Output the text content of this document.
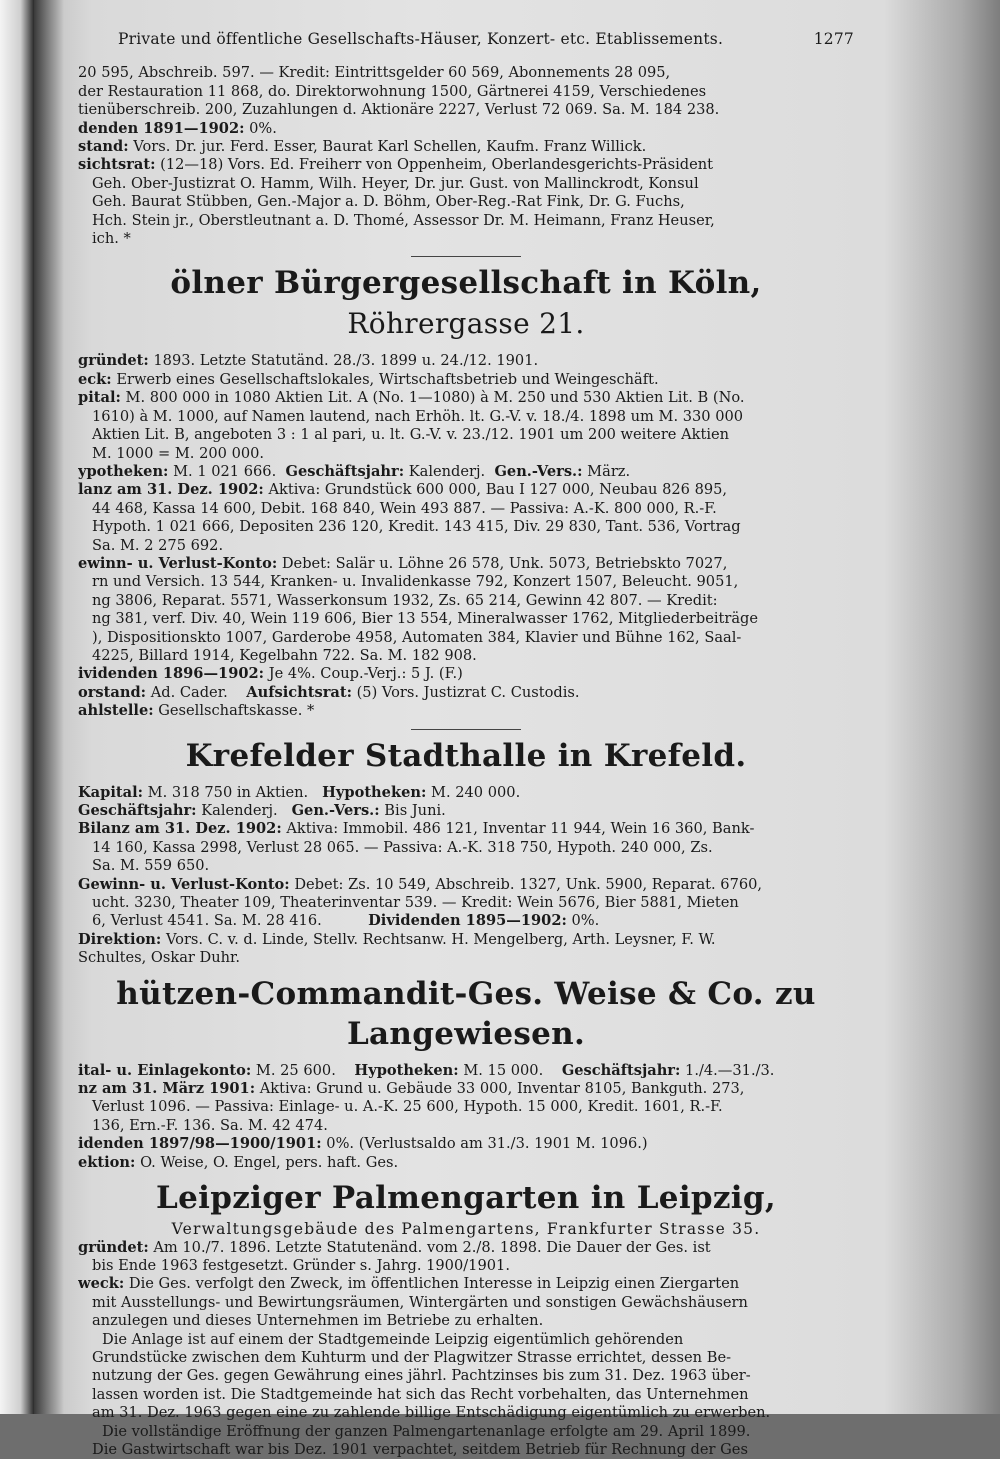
Private und öffentliche Gesellschafts-Häuser, Konzert- etc. Etablissements.	1277
20 595, Abschreib. 597. — Kredit: Eintrittsgelder 60 569, Abonnements 28 095,
der Restauration 11 868, do. Direktorwohnung 1500, Gärtnerei 4159, Verschiedenes
tienüberschreib. 200, Zuzahlungen d. Aktionäre 2227, Verlust 72 069. Sa. M. 184 238.
denden 1891—1902: 0%.
stand: Vors. Dr. jur. Ferd. Esser, Baurat Karl Schellen, Kaufm. Franz Willick.
sichtsrat: (12—18) Vors. Ed. Freiherr von Oppenheim, Oberlandesgerichts-Präsident
Geh. Ober-Justizrat O. Hamm, Wilh. Heyer, Dr. jur. Gust. von Mallinckrodt, Konsul
Geh. Baurat Stübben, Gen.-Major a. D. Böhm, Ober-Reg.-Rat Fink, Dr. G. Fuchs,
Hch. Stein jr., Oberstleutnant a. D. Thomé, Assessor Dr. M. Heimann, Franz Heuser,
ich. *
ölner Bürgergesellschaft in Köln, Röhrergasse 21.
gründet: 1893. Letzte Statutänd. 28./3. 1899 u. 24./12. 1901.
eck: Erwerb eines Gesellschaftslokales, Wirtschaftsbetrieb und Weingeschäft.
pital: M. 800 000 in 1080 Aktien Lit. A (No. 1—1080) à M. 250 und 530 Aktien Lit. B (No.
1610) à M. 1000, auf Namen lautend, nach Erhöh. lt. G.-V. v. 18./4. 1898 um M. 330 000
Aktien Lit. B, angeboten 3 : 1 al pari, u. lt. G.-V. v. 23./12. 1901 um 200 weitere Aktien
M. 1000 = M. 200 000.
ypotheken: M. 1 021 666. Geschäftsjahr: Kalenderj. Gen.-Vers.: März.
lanz am 31. Dez. 1902: Aktiva: Grundstück 600 000, Bau I 127 000, Neubau 826 895,
44 468, Kassa 14 600, Debit. 168 840, Wein 493 887. — Passiva: A.-K. 800 000, R.-F.
Hypoth. 1 021 666, Depositen 236 120, Kredit. 143 415, Div. 29 830, Tant. 536, Vortrag
Sa. M. 2 275 692.
ewinn- u. Verlust-Konto: Debet: Salär u. Löhne 26 578, Unk. 5073, Betriebskto 7027,
rn und Versich. 13 544, Kranken- u. Invalidenkasse 792, Konzert 1507, Beleucht. 9051,
ng 3806, Reparat. 5571, Wasserkonsum 1932, Zs. 65 214, Gewinn 42 807. — Kredit:
ng 381, verf. Div. 40, Wein 119 606, Bier 13 554, Mineralwasser 1762, Mitgliederbeiträge
), Dispositionskto 1007, Garderobe 4958, Automaten 384, Klavier und Bühne 162, Saal-
4225, Billard 1914, Kegelbahn 722. Sa. M. 182 908.
ividenden 1896—1902: Je 4%. Coup.-Verj.: 5 J. (F.)
orstand: Ad. Cader. Aufsichtsrat: (5) Vors. Justizrat C. Custodis.
ahlstelle: Gesellschaftskasse. *
Krefelder Stadthalle in Krefeld.
Kapital: M. 318 750 in Aktien. Hypotheken: M. 240 000.
Geschäftsjahr: Kalenderj. Gen.-Vers.: Bis Juni.
Bilanz am 31. Dez. 1902: Aktiva: Immobil. 486 121, Inventar 11 944, Wein 16 360, Bank-
14 160, Kassa 2998, Verlust 28 065. — Passiva: A.-K. 318 750, Hypoth. 240 000, Zs.
Sa. M. 559 650.
Gewinn- u. Verlust-Konto: Debet: Zs. 10 549, Abschreib. 1327, Unk. 5900, Reparat. 6760,
ucht. 3230, Theater 109, Theaterinventar 539. — Kredit: Wein 5676, Bier 5881, Mieten
6, Verlust 4541. Sa. M. 28 416.	Dividenden 1895—1902: 0%.
Direktion: Vors. C. v. d. Linde, Stellv. Rechtsanw. H. Mengelberg, Arth. Leysner, F. W.
Schultes, Oskar Duhr.
hützen-Commandit-Ges. Weise & Co. zu Langewiesen.
ital- u. Einlagekonto: M. 25 600. Hypotheken: M. 15 000. Geschäftsjahr: 1./4.—31./3.
nz am 31. März 1901: Aktiva: Grund u. Gebäude 33 000, Inventar 8105, Bankguth. 273,
Verlust 1096. — Passiva: Einlage- u. A.-K. 25 600, Hypoth. 15 000, Kredit. 1601, R.-F.
136, Ern.-F. 136. Sa. M. 42 474.
idenden 1897/98—1900/1901: 0%. (Verlustsaldo am 31./3. 1901 M. 1096.)
ektion: O. Weise, O. Engel, pers. haft. Ges.
Leipziger Palmengarten in Leipzig,
Verwaltungsgebäude des Palmengartens, Frankfurter Strasse 35.
gründet: Am 10./7. 1896. Letzte Statutenänd. vom 2./8. 1898. Die Dauer der Ges. ist
bis Ende 1963 festgesetzt. Gründer s. Jahrg. 1900/1901.
weck: Die Ges. verfolgt den Zweck, im öffentlichen Interesse in Leipzig einen Ziergarten
mit Ausstellungs- und Bewirtungsräumen, Wintergärten und sonstigen Gewächshäusern
anzulegen und dieses Unternehmen im Betriebe zu erhalten.
Die Anlage ist auf einem der Stadtgemeinde Leipzig eigentümlich gehörenden
Grundstücke zwischen dem Kuhturm und der Plagwitzer Strasse errichtet, dessen Be-
nutzung der Ges. gegen Gewährung eines jährl. Pachtzinses bis zum 31. Dez. 1963 über-
lassen worden ist. Die Stadtgemeinde hat sich das Recht vorbehalten, das Unternehmen
am 31. Dez. 1963 gegen eine zu zahlende billige Entschädigung eigentümlich zu erwerben.
Die vollständige Eröffnung der ganzen Palmengartenanlage erfolgte am 29. April 1899.
Die Gastwirtschaft war bis Dez. 1901 verpachtet, seitdem Betrieb für Rechnung der Ges
